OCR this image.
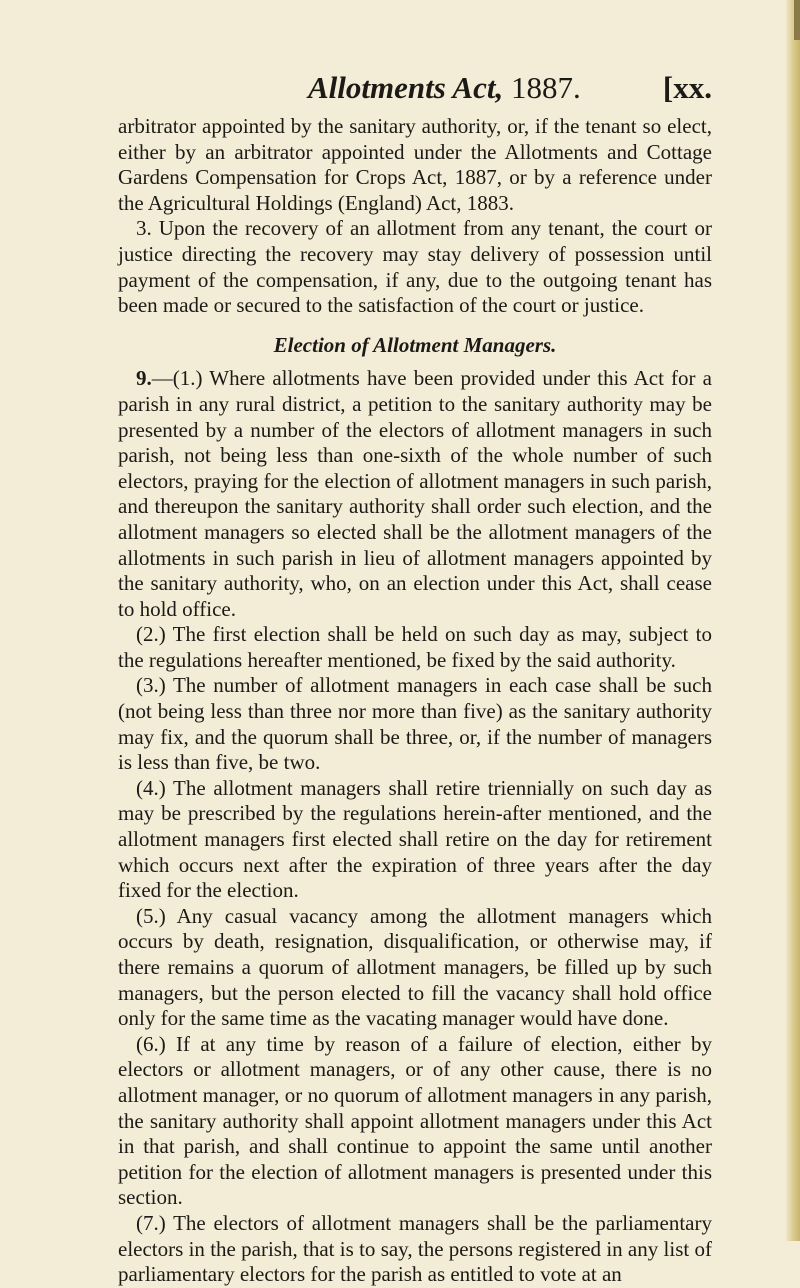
Allotments Act, 1887.	[xx.

arbitrator appointed by the sanitary authority, or, if the tenant so elect, either by an arbitrator appointed under the Allotments and Cottage Gardens Compensation for Crops Act, 1887, or by a reference under the Agricultural Holdings (England) Act, 1883.

3. Upon the recovery of an allotment from any tenant, the court or justice directing the recovery may stay delivery of possession until payment of the compensation, if any, due to the outgoing tenant has been made or secured to the satisfaction of the court or justice.

Election of Allotment Managers.

9.—(1.) Where allotments have been provided under this Act for a parish in any rural district, a petition to the sanitary authority may be presented by a number of the electors of allotment managers in such parish, not being less than one-sixth of the whole number of such electors, praying for the election of allotment managers in such parish, and thereupon the sanitary authority shall order such election, and the allotment managers so elected shall be the allotment managers of the allotments in such parish in lieu of allotment managers appointed by the sanitary authority, who, on an election under this Act, shall cease to hold office.

(2.) The first election shall be held on such day as may, subject to the regulations hereafter mentioned, be fixed by the said authority.

(3.) The number of allotment managers in each case shall be such (not being less than three nor more than five) as the sanitary authority may fix, and the quorum shall be three, or, if the number of managers is less than five, be two.

(4.) The allotment managers shall retire triennially on such day as may be prescribed by the regulations herein-after mentioned, and the allotment managers first elected shall retire on the day for retirement which occurs next after the expiration of three years after the day fixed for the election.

(5.) Any casual vacancy among the allotment managers which occurs by death, resignation, disqualification, or otherwise may, if there remains a quorum of allotment managers, be filled up by such managers, but the person elected to fill the vacancy shall hold office only for the same time as the vacating manager would have done.

(6.) If at any time by reason of a failure of election, either by electors or allotment managers, or of any other cause, there is no allotment manager, or no quorum of allotment managers in any parish, the sanitary authority shall appoint allotment managers under this Act in that parish, and shall continue to appoint the same until another petition for the election of allotment managers is presented under this section.

(7.) The electors of allotment managers shall be the parliamentary electors in the parish, that is to say, the persons registered in any list of parliamentary electors for the parish as entitled to vote at an
